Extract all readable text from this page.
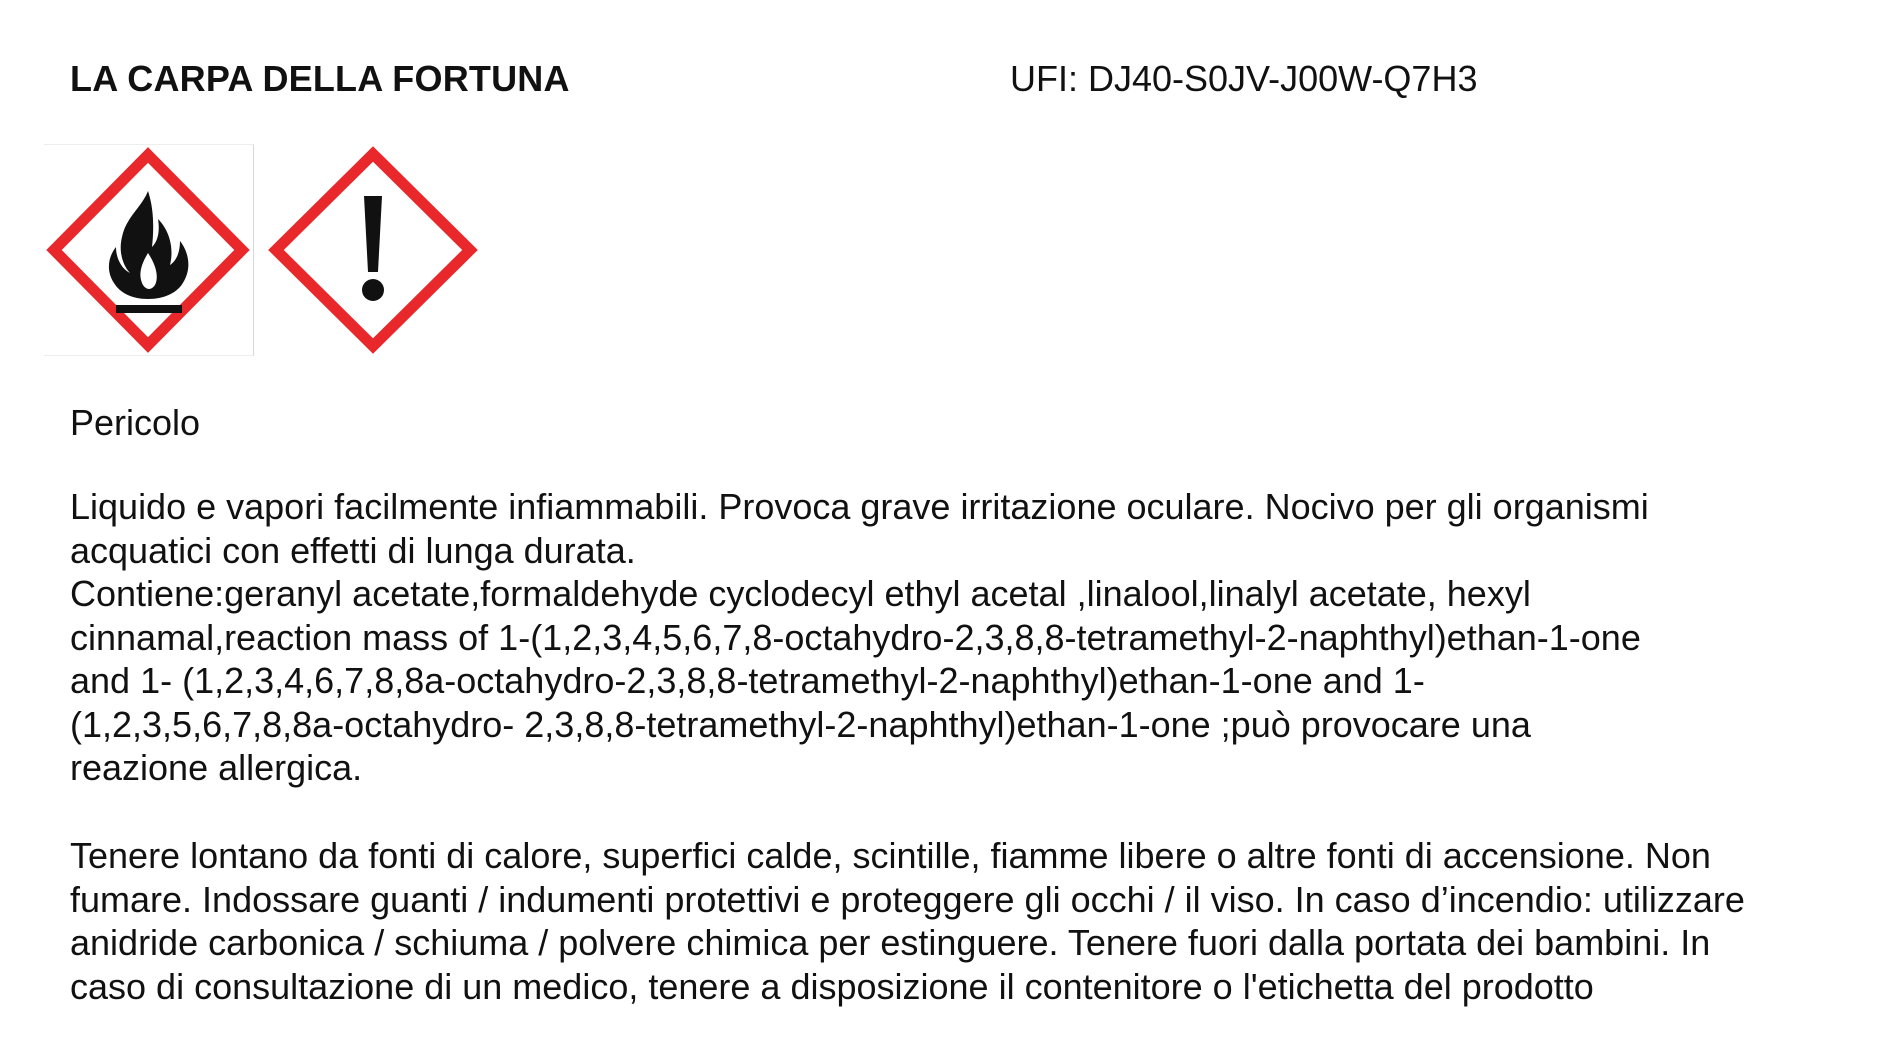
LA CARPA DELLA FORTUNA	UFI: DJ40-S0JV-J00W-Q7H3
Pericolo
Liquido e vapori facilmente infiammabili. Provoca grave irritazione oculare. Nocivo per gli organismi
acquatici con effetti di lunga durata.
Contiene:geranyl acetate,formaldehyde cyclodecyl ethyl acetal ,linalool,linalyl acetate, hexyl
cinnamal,reaction mass of 1-(1,2,3,4,5,6,7,8-octahydro-2,3,8,8-tetramethyl-2-naphthyl)ethan-1-one
and 1- (1,2,3,4,6,7,8,8a-octahydro-2,3,8,8-tetramethyl-2-naphthyl)ethan-1-one and 1-
(1,2,3,5,6,7,8,8a-octahydro- 2,3,8,8-tetramethyl-2-naphthyl)ethan-1-one ;può provocare una
reazione allergica.
Tenere lontano da fonti di calore, superfici calde, scintille, fiamme libere o altre fonti di accensione. Non
fumare. Indossare guanti / indumenti protettivi e proteggere gli occhi / il viso. In caso d’incendio: utilizzare
anidride carbonica / schiuma / polvere chimica per estinguere. Tenere fuori dalla portata dei bambini. In
caso di consultazione di un medico, tenere a disposizione il contenitore o l'etichetta del prodotto
